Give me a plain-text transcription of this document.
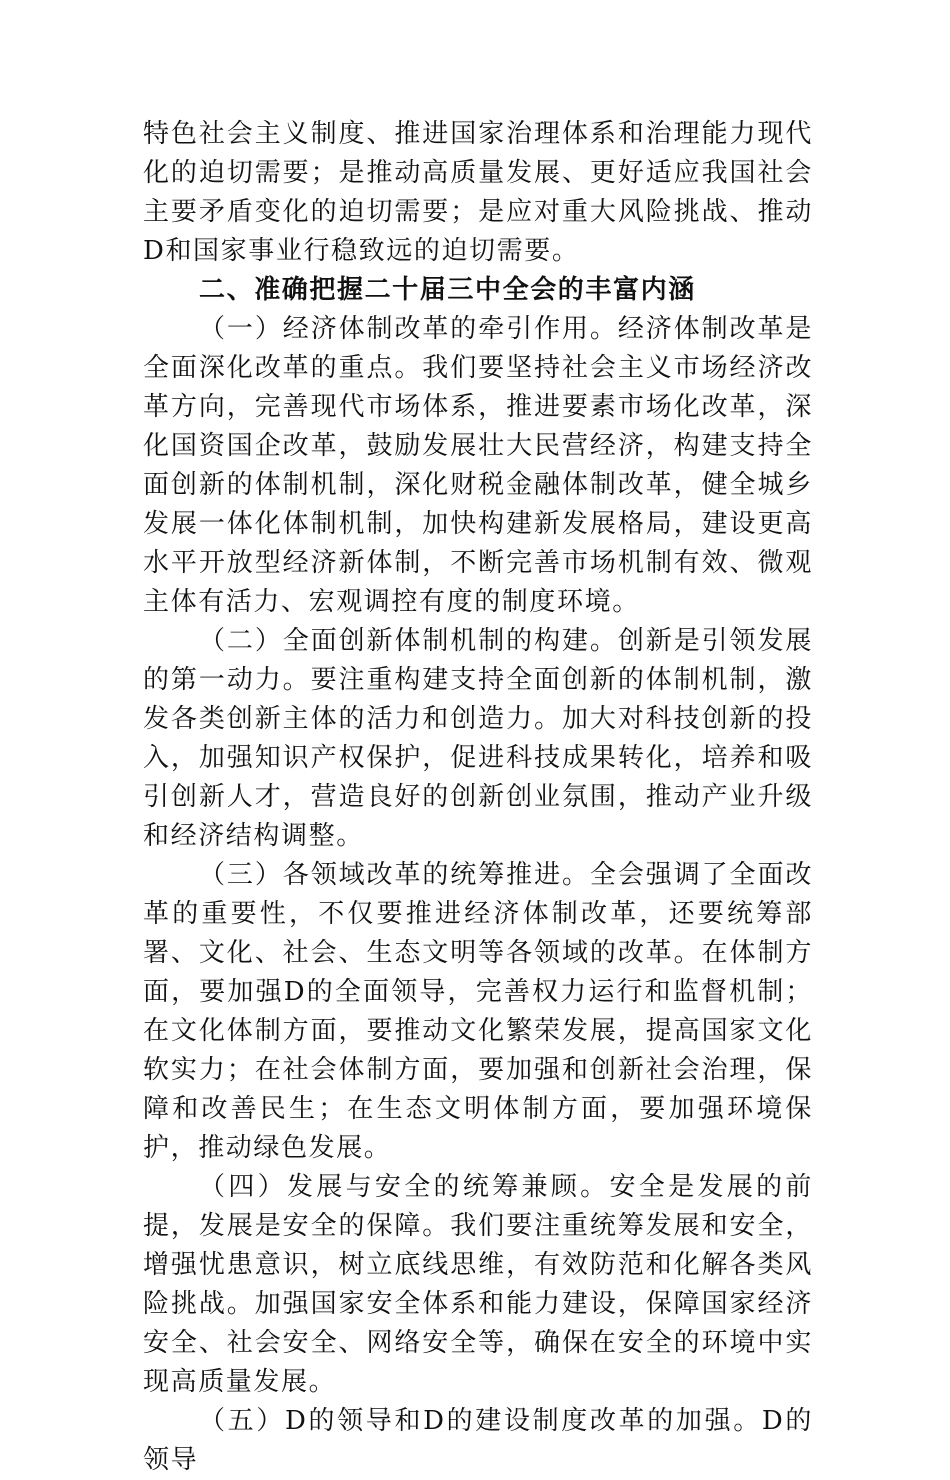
特色社会主义制度、推进国家治理体系和治理能力现代化的迫切需要；是推动高质量发展、更好适应我国社会主要矛盾变化的迫切需要；是应对重大风险挑战、推动D和国家事业行稳致远的迫切需要。

二、准确把握二十届三中全会的丰富内涵

（一）经济体制改革的牵引作用。经济体制改革是全面深化改革的重点。我们要坚持社会主义市场经济改革方向，完善现代市场体系，推进要素市场化改革，深化国资国企改革，鼓励发展壮大民营经济，构建支持全面创新的体制机制，深化财税金融体制改革，健全城乡发展一体化体制机制，加快构建新发展格局，建设更高水平开放型经济新体制，不断完善市场机制有效、微观主体有活力、宏观调控有度的制度环境。

（二）全面创新体制机制的构建。创新是引领发展的第一动力。要注重构建支持全面创新的体制机制，激发各类创新主体的活力和创造力。加大对科技创新的投入，加强知识产权保护，促进科技成果转化，培养和吸引创新人才，营造良好的创新创业氛围，推动产业升级和经济结构调整。

（三）各领域改革的统筹推进。全会强调了全面改革的重要性，不仅要推进经济体制改革，还要统筹部署、文化、社会、生态文明等各领域的改革。在体制方面，要加强D的全面领导，完善权力运行和监督机制；在文化体制方面，要推动文化繁荣发展，提高国家文化软实力；在社会体制方面，要加强和创新社会治理，保障和改善民生；在生态文明体制方面，要加强环境保护，推动绿色发展。

（四）发展与安全的统筹兼顾。安全是发展的前提，发展是安全的保障。我们要注重统筹发展和安全，增强忧患意识，树立底线思维，有效防范和化解各类风险挑战。加强国家安全体系和能力建设，保障国家经济安全、社会安全、网络安全等，确保在安全的环境中实现高质量发展。

（五）D的领导和D的建设制度改革的加强。D的领导
